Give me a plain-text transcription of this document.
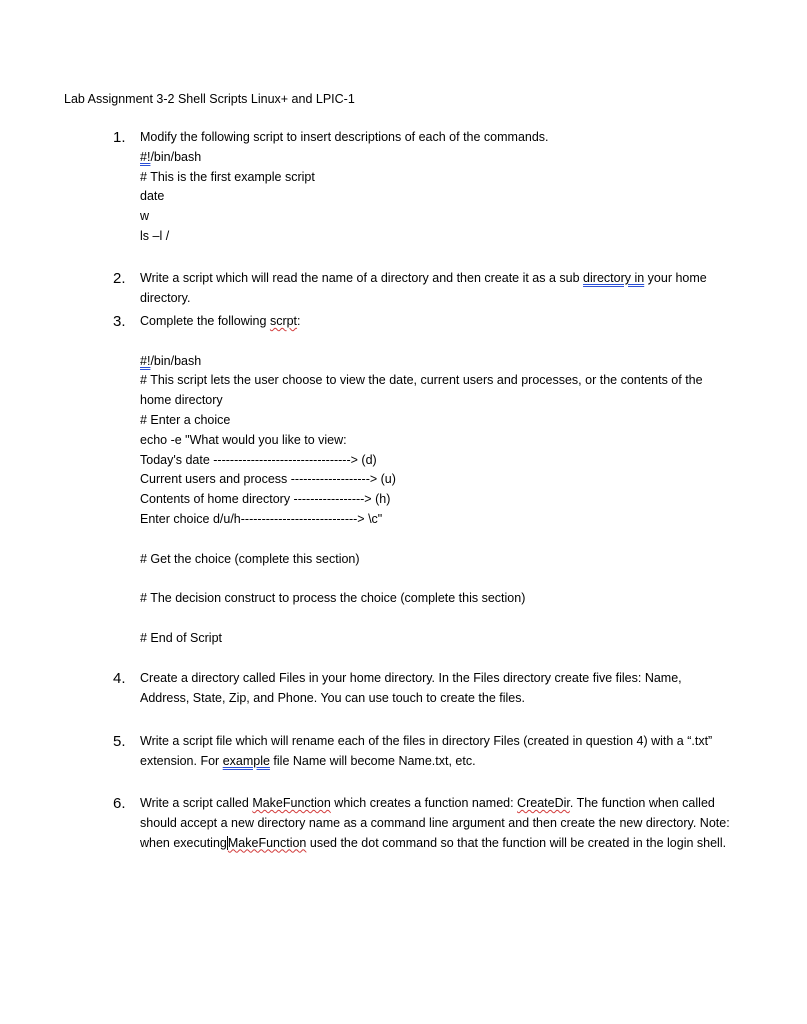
Lab Assignment 3-2 Shell Scripts Linux+ and LPIC-1
1. Modify the following script to insert descriptions of each of the commands.
#!/bin/bash
# This is the first example script
date
w
ls –l /
2. Write a script which will read the name of a directory and then create it as a sub directory in your home directory.
3. Complete the following scrpt:
#!/bin/bash
# This script lets the user choose to view the date, current users and processes, or the contents of the home directory
# Enter a choice
echo -e "What would you like to view:
Today's date ---------------------------------> (d)
Current users and process -------------------> (u)
Contents of home directory -----------------> (h)
Enter choice d/u/h----------------------------> \c"
# Get the choice (complete this section)
# The decision construct to process the choice (complete this section)
# End of Script
4. Create a directory called Files in your home directory. In the Files directory create five files: Name, Address, State, Zip, and Phone. You can use touch to create the files.
5. Write a script file which will rename each of the files in directory Files (created in question 4) with a “.txt” extension. For example file Name will become Name.txt, etc.
6. Write a script called MakeFunction which creates a function named: CreateDir. The function when called should accept a new directory name as a command line argument and then create the new directory. Note: when executingMakeFunction used the dot command so that the function will be created in the login shell.
